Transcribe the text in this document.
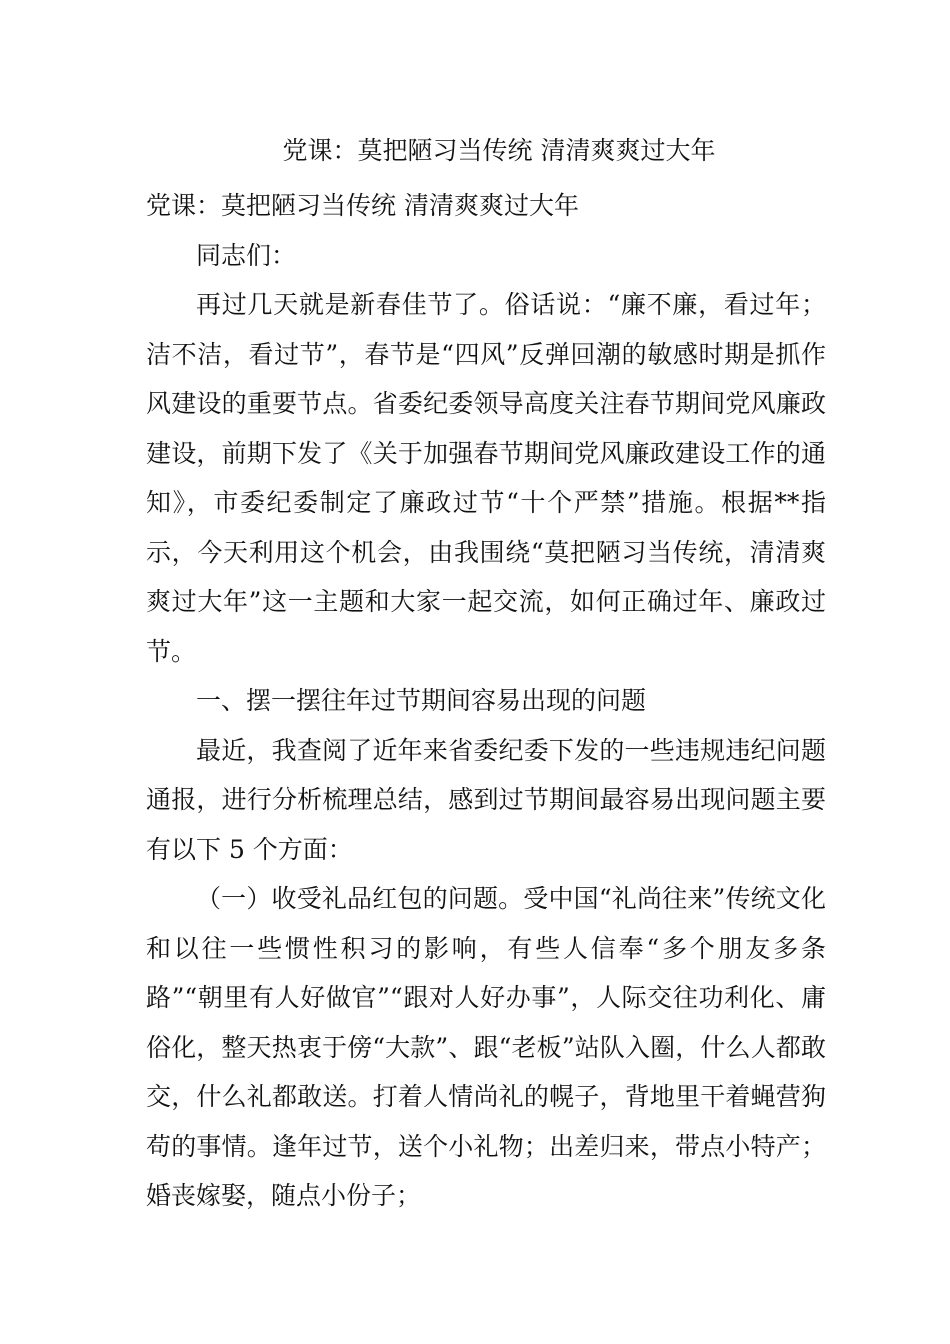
党课：莫把陋习当传统 清清爽爽过大年

党课：莫把陋习当传统 清清爽爽过大年

同志们：

再过几天就是新春佳节了。俗话说：“廉不廉，看过年；洁不洁，看过节”，春节是“四风”反弹回潮的敏感时期是抓作风建设的重要节点。省委纪委领导高度关注春节期间党风廉政建设，前期下发了《关于加强春节期间党风廉政建设工作的通知》，市委纪委制定了廉政过节“十个严禁”措施。根据**指示，今天利用这个机会，由我围绕“莫把陋习当传统，清清爽爽过大年”这一主题和大家一起交流，如何正确过年、廉政过节。

一、摆一摆往年过节期间容易出现的问题

最近，我查阅了近年来省委纪委下发的一些违规违纪问题通报，进行分析梳理总结，感到过节期间最容易出现问题主要有以下 5 个方面：

（一）收受礼品红包的问题。受中国“礼尚往来”传统文化和以往一些惯性积习的影响，有些人信奉“多个朋友多条路”“朝里有人好做官”“跟对人好办事”，人际交往功利化、庸俗化，整天热衷于傍“大款”、跟“老板”站队入圈，什么人都敢交，什么礼都敢送。打着人情尚礼的幌子，背地里干着蝇营狗苟的事情。逢年过节，送个小礼物；出差归来，带点小特产；婚丧嫁娶，随点小份子；
